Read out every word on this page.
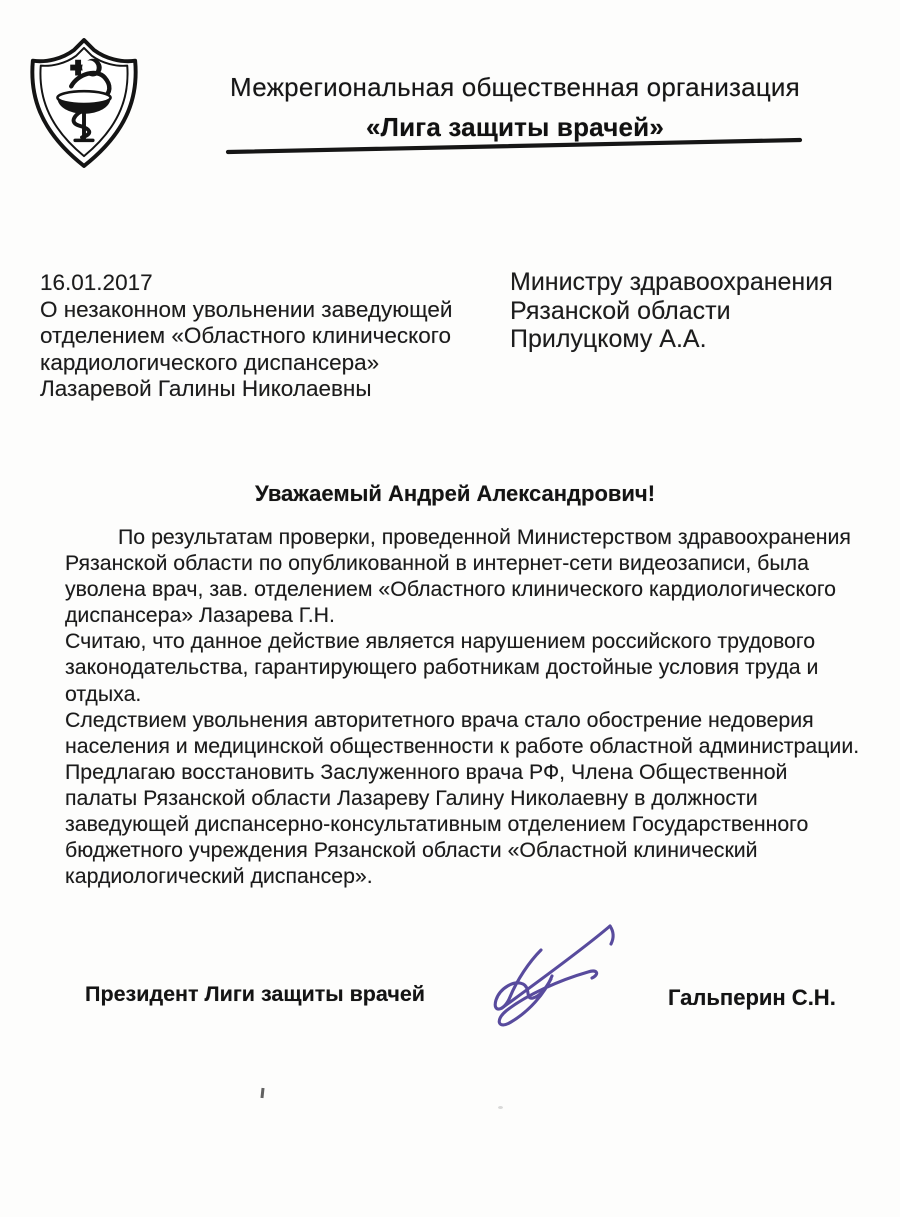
Межрегиональная общественная организация
«Лига защиты врачей»
16.01.2017
О незаконном увольнении заведующей
отделением «Областного клинического
кардиологического диспансера»
Лазаревой Галины Николаевны
Министру здравоохранения
Рязанской области
Прилуцкому А.А.
Уважаемый Андрей Александрович!
По результатам проверки, проведенной Министерством здравоохранения
Рязанской области по опубликованной в интернет-сети видеозаписи, была
уволена врач, зав. отделением «Областного клинического кардиологического
диспансера» Лазарева Г.Н.
Считаю, что данное действие является нарушением российского трудового
законодательства, гарантирующего работникам достойные условия труда и
отдыха.
Следствием увольнения авторитетного врача стало обострение недоверия
населения и медицинской общественности к работе областной администрации.
Предлагаю восстановить Заслуженного врача РФ, Члена Общественной
палаты Рязанской области Лазареву Галину Николаевну в должности
заведующей диспансерно-консультативным отделением Государственного
бюджетного учреждения Рязанской области «Областной клинический
кардиологический диспансер».
Президент Лиги защиты врачей	Гальперин С.Н.
